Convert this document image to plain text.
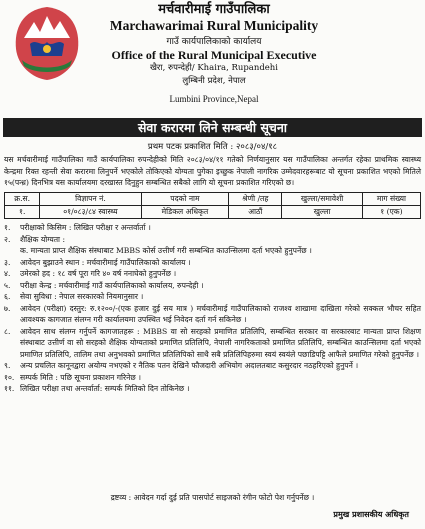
मर्चवारीमाई गाउँपालिका
Marchawarimai Rural Municipality
गाउँ कार्यपालिकाको कार्यालय
Office of the Rural Municipal Executive
खैरा, रुपन्देही/ Khaira, Rupandehi
लुम्बिनी प्रदेश, नेपाल
Lumbini Province,Nepal
सेवा करारमा लिने सम्बन्धी सूचना
प्रथम पटक प्रकाशित मिति : २०८३/०४/१८
यस मर्चवारीमाई गाउँपालिका गाउँ कार्यपालिका रुपन्देहीको मिति २०८३/०४/११ गतेको निर्णयानुसार यस गाउँपालिका अन्तर्गत रहेका प्राथमिक स्वास्थ्य केन्द्रमा रिक्त रहन्ती सेवा करारमा लिनुपर्ने भएकोले तोकिएको योग्यता पुगेका इच्छुक नेपाली नागरिक उम्मेदवारहरूबाट यो सूचना प्रकाशित भएको मितिले १५(पन्ध्र) दिनभित्र यस कार्यालयमा दरखास्त दिनुहुन सम्बन्धित सबैको लागि यो सूचना प्रकाशित गरिएको छ।
क्र.स.	विज्ञापन नं.	पदको नाम	श्रेणी /तह	खुल्ला/समावेशी	माग संख्या
१.	०१/०८३/८४ स्वास्थ्य	मेडिकल अधिकृत	आठौं	खुल्ला	१ (एक)
१.	परीक्षाको किसिम : लिखित परीक्षा र अन्तर्वार्ता ।
२.	शैक्षिक योग्यता :
क. मान्यता प्राप्त शैक्षिक संस्थाबाट MBBS कोर्स उत्तीर्ण गरी सम्बन्धित काउन्सिलमा दर्ता भएको हुनुपर्नेछ ।
३.	आवेदन बुझाउने स्थान : मर्चवारीमाई गाउँपालिकाको कार्यालय ।
४.	उमेरको हद : १८ वर्ष पूरा गरि ४० वर्ष ननाघेको हुनुपर्नेछ ।
५.	परीक्षा केन्द्र : मर्चवारीमाई गाउँ कार्यपालिकाको कार्यालय, रुपन्देही ।
६.	सेवा सुविधा : नेपाल सरकारको नियमानुसार ।
७.	आवेदन (परीक्षा) दस्तुर: रु.१२००/-(एक हजार दुई सय मात्र ) मर्चवारीमाई गाउँपालिकाको राजश्व शाखामा दाखिला गरेको सक्कल भौचर सहित आवश्यक कागजात संलग्न गरी कार्यालयमा उपस्थित भई निवेदन दर्ता गर्न सकिनेछ ।
८.	आवेदन साथ संलग्न गर्नुपर्ने कागजातहरू : MBBS वा सो सरहको प्रमाणित प्रतिलिपि, सम्बन्धित सरकार वा सरकारबाट मान्यता प्राप्त शिक्षण संस्थाबाट उत्तीर्ण वा सो सरहको शैक्षिक योग्यताको प्रमाणित प्रतिलिपि, नेपाली नागरिकताको प्रमाणित प्रतिलिपि, सम्बन्धित काउन्सिलमा दर्ता भएको प्रमाणित प्रतिलिपि, तालिम तथा अनुभवको प्रमाणित प्रतिलिपिको साथै सबै प्रतिलिपिहरुमा स्वयं स्वयंले पछाडिपट्टि आफैले प्रमाणित गरेको हुनुपर्नेछ ।
९.	अन्य प्रचलित कानूनद्वारा अयोग्य नभएको र नैतिक पतन देखिने फौजदारी अभियोग अदालतबाट कसुरदार नठहरिएको हुनुपर्ने ।
१०. सम्पर्क मिति : पछि सूचना प्रकाशन गरिनेछ ।
११. लिखित परीक्षा तथा अन्तर्वार्ता: सम्पर्क मितिको दिन तोकिनेछ ।
द्रष्टव्य : आवेदन गर्दा दुई प्रति पासपोर्ट साइजको रंगीन फोटो पेश गर्नुपर्नेछ ।
प्रमुख प्रशासकीय अधिकृत
